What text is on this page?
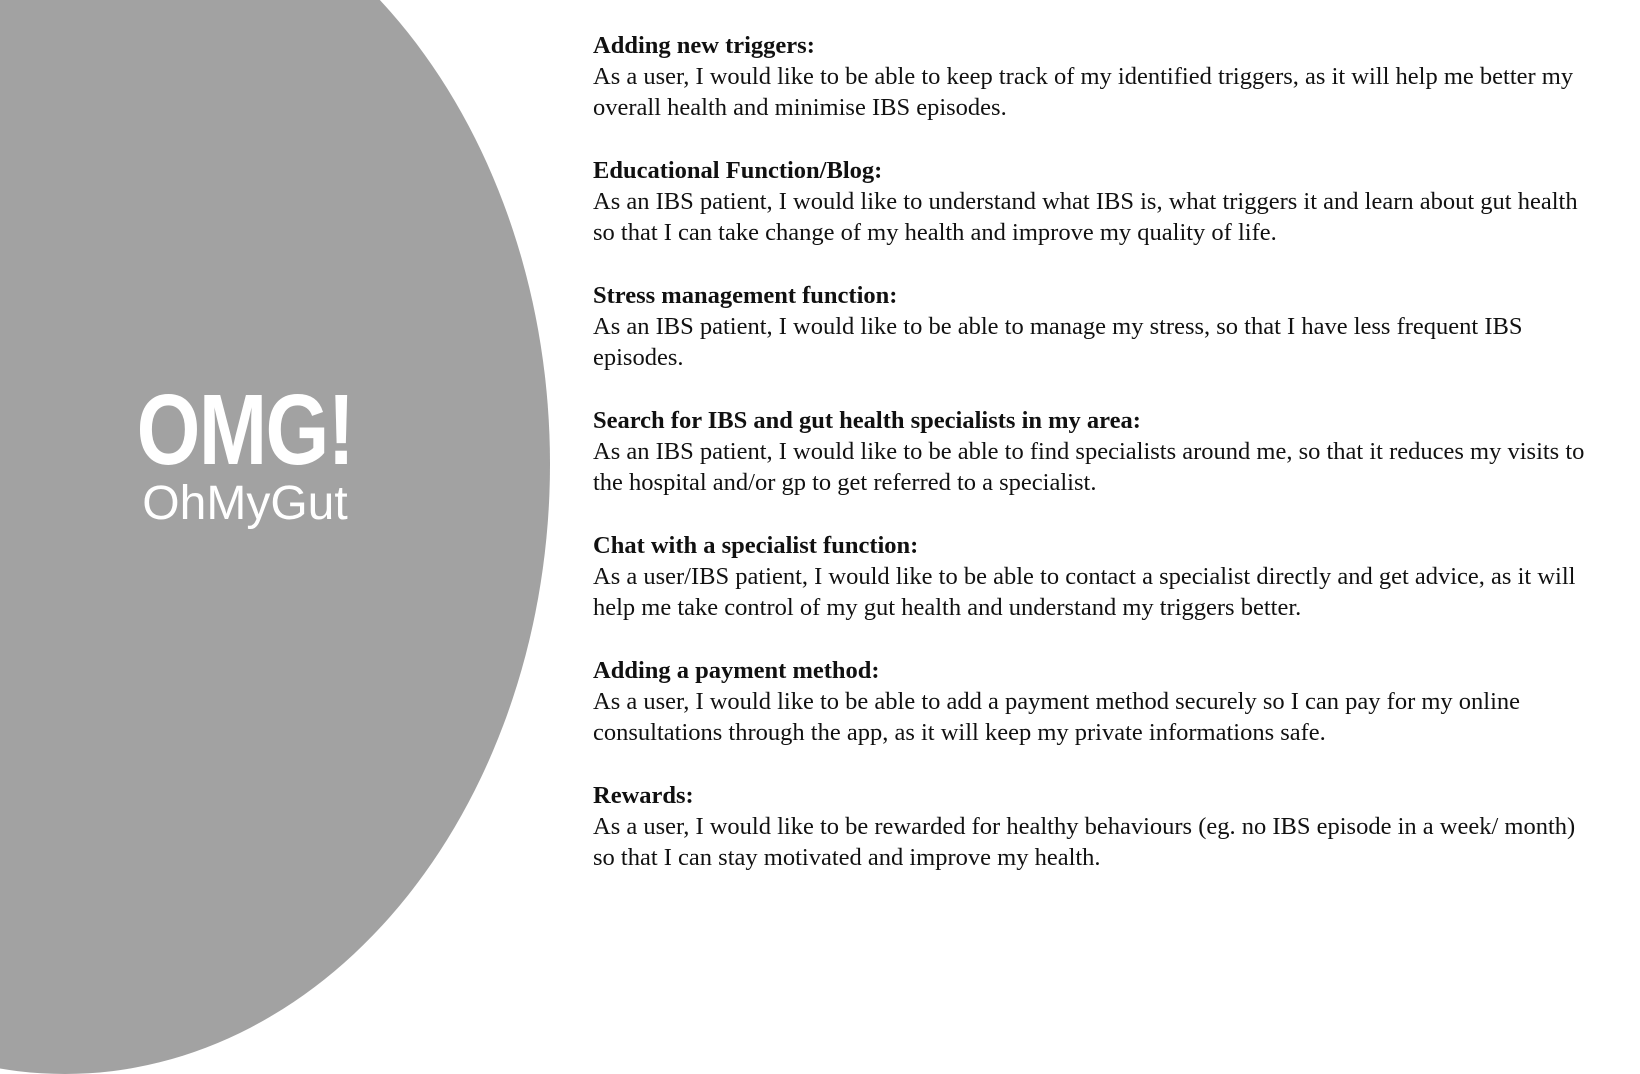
OMG!
OhMyGut
Adding new triggers:
As a user, I would like to be able to keep track of my identified triggers, as it will help me better my overall health and minimise IBS episodes.
Educational Function/Blog:
As an IBS patient, I would like to understand what IBS is, what triggers it and learn about gut health so that I can take change of my health and improve my quality of life.
Stress management function:
As an IBS patient, I would like to be able to manage my stress, so that I have less frequent IBS episodes.
Search for IBS and gut health specialists in my area:
As an IBS patient, I would like to be able to find specialists around me, so that it reduces my visits to the hospital and/or gp to get referred to a specialist.
Chat with a specialist function:
As a user/IBS patient, I would like to be able to contact a specialist directly and get advice, as it will help me take control of my gut health and understand my triggers better.
Adding a payment method:
As a user, I would like to be able to add a payment method securely so I can pay for my online consultations through the app, as it will keep my private informations safe.
Rewards:
As a user, I would like to be rewarded for healthy behaviours (eg. no IBS episode in a week/ month) so that I can stay motivated and improve my health.
